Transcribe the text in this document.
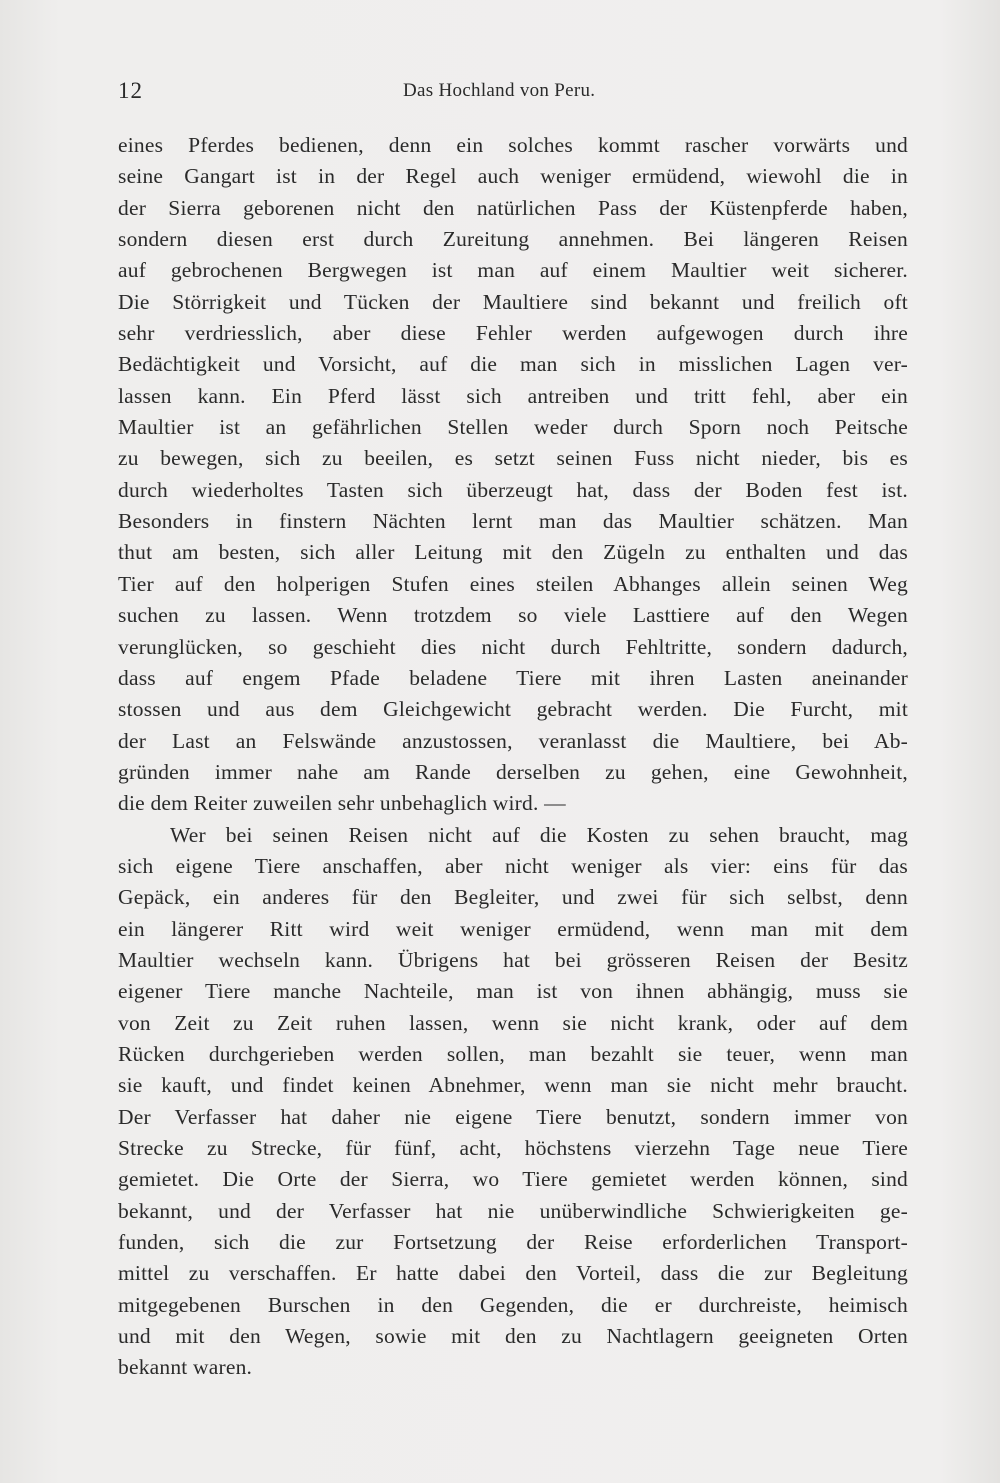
12	Das Hochland von Peru.
eines Pferdes bedienen, denn ein solches kommt rascher vorwärts und
seine Gangart ist in der Regel auch weniger ermüdend, wiewohl die in
der Sierra geborenen nicht den natürlichen Pass der Küstenpferde haben,
sondern diesen erst durch Zureitung annehmen. Bei längeren Reisen
auf gebrochenen Bergwegen ist man auf einem Maultier weit sicherer.
Die Störrigkeit und Tücken der Maultiere sind bekannt und freilich oft
sehr verdriesslich, aber diese Fehler werden aufgewogen durch ihre
Bedächtigkeit und Vorsicht, auf die man sich in misslichen Lagen ver-
lassen kann. Ein Pferd lässt sich antreiben und tritt fehl, aber ein
Maultier ist an gefährlichen Stellen weder durch Sporn noch Peitsche
zu bewegen, sich zu beeilen, es setzt seinen Fuss nicht nieder, bis es
durch wiederholtes Tasten sich überzeugt hat, dass der Boden fest ist.
Besonders in finstern Nächten lernt man das Maultier schätzen. Man
thut am besten, sich aller Leitung mit den Zügeln zu enthalten und das
Tier auf den holperigen Stufen eines steilen Abhanges allein seinen Weg
suchen zu lassen. Wenn trotzdem so viele Lasttiere auf den Wegen
verunglücken, so geschieht dies nicht durch Fehltritte, sondern dadurch,
dass auf engem Pfade beladene Tiere mit ihren Lasten aneinander
stossen und aus dem Gleichgewicht gebracht werden. Die Furcht, mit
der Last an Felswände anzustossen, veranlasst die Maultiere, bei Ab-
gründen immer nahe am Rande derselben zu gehen, eine Gewohnheit,
die dem Reiter zuweilen sehr unbehaglich wird. —
Wer bei seinen Reisen nicht auf die Kosten zu sehen braucht, mag
sich eigene Tiere anschaffen, aber nicht weniger als vier: eins für das
Gepäck, ein anderes für den Begleiter, und zwei für sich selbst, denn
ein längerer Ritt wird weit weniger ermüdend, wenn man mit dem
Maultier wechseln kann. Übrigens hat bei grösseren Reisen der Besitz
eigener Tiere manche Nachteile, man ist von ihnen abhängig, muss sie
von Zeit zu Zeit ruhen lassen, wenn sie nicht krank, oder auf dem
Rücken durchgerieben werden sollen, man bezahlt sie teuer, wenn man
sie kauft, und findet keinen Abnehmer, wenn man sie nicht mehr braucht.
Der Verfasser hat daher nie eigene Tiere benutzt, sondern immer von
Strecke zu Strecke, für fünf, acht, höchstens vierzehn Tage neue Tiere
gemietet. Die Orte der Sierra, wo Tiere gemietet werden können, sind
bekannt, und der Verfasser hat nie unüberwindliche Schwierigkeiten ge-
funden, sich die zur Fortsetzung der Reise erforderlichen Transport-
mittel zu verschaffen. Er hatte dabei den Vorteil, dass die zur Begleitung
mitgegebenen Burschen in den Gegenden, die er durchreiste, heimisch
und mit den Wegen, sowie mit den zu Nachtlagern geeigneten Orten
bekannt waren.
